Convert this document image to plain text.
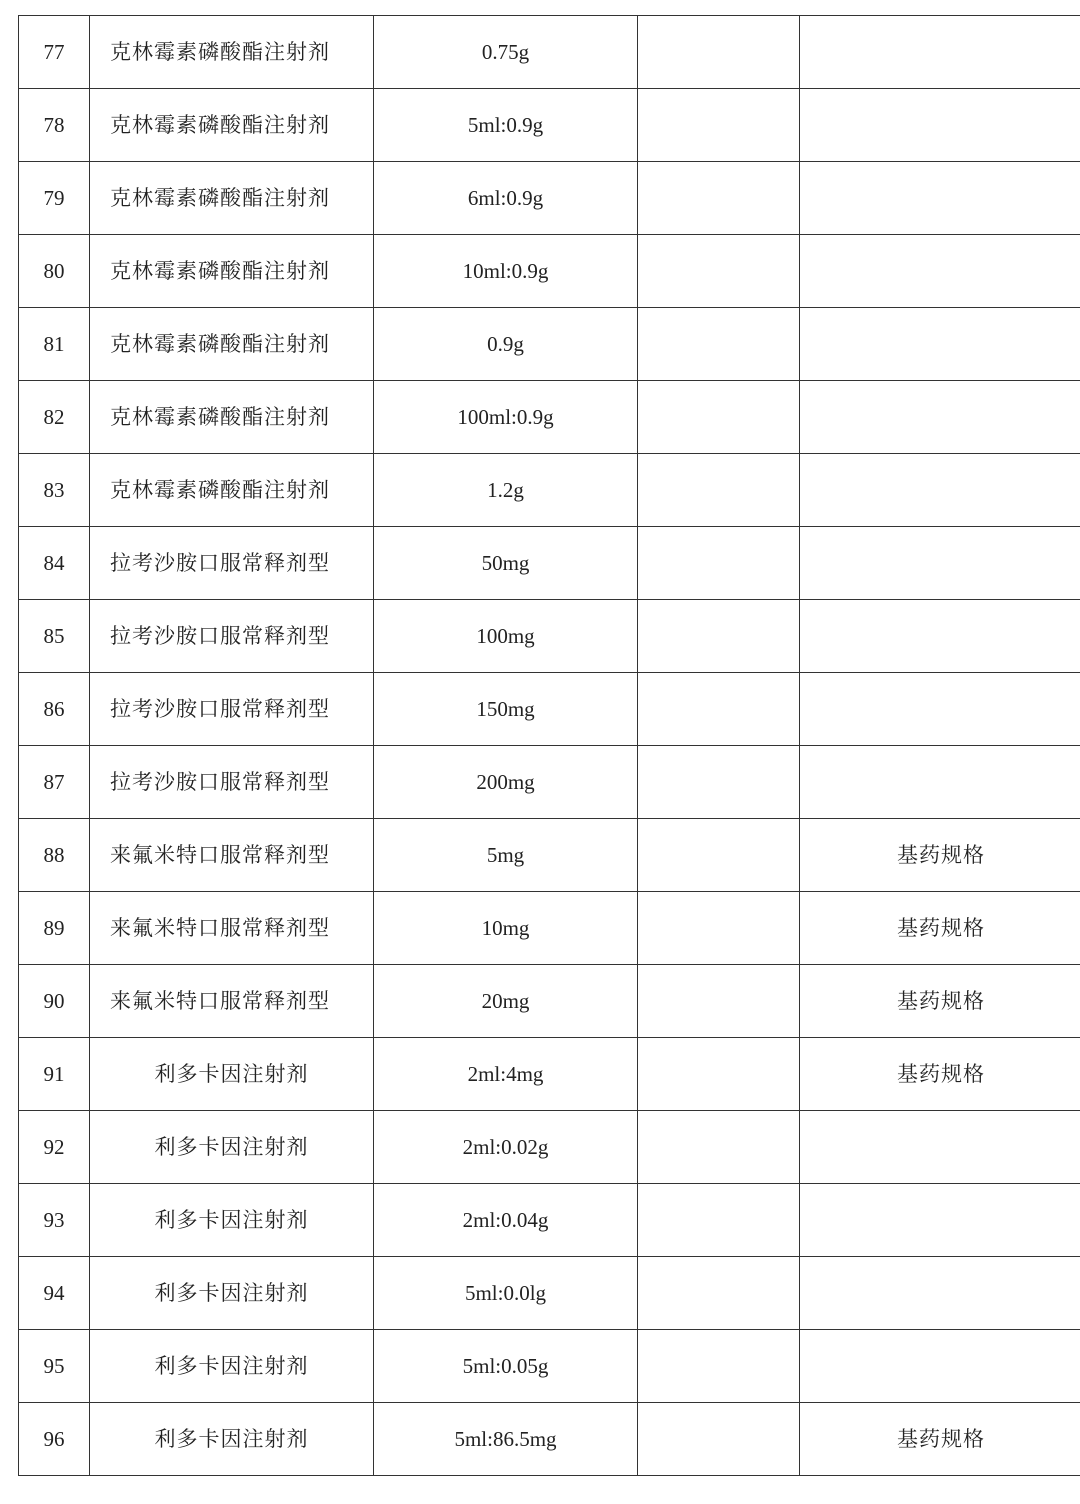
77	克林霉素磷酸酯注射剂	0.75g		
78	克林霉素磷酸酯注射剂	5ml:0.9g		
79	克林霉素磷酸酯注射剂	6ml:0.9g		
80	克林霉素磷酸酯注射剂	10ml:0.9g		
81	克林霉素磷酸酯注射剂	0.9g		
82	克林霉素磷酸酯注射剂	100ml:0.9g		
83	克林霉素磷酸酯注射剂	1.2g		
84	拉考沙胺口服常释剂型	50mg		
85	拉考沙胺口服常释剂型	100mg		
86	拉考沙胺口服常释剂型	150mg		
87	拉考沙胺口服常释剂型	200mg		
88	来氟米特口服常释剂型	5mg		基药规格
89	来氟米特口服常释剂型	10mg		基药规格
90	来氟米特口服常释剂型	20mg		基药规格
91	利多卡因注射剂	2ml:4mg		基药规格
92	利多卡因注射剂	2ml:0.02g		
93	利多卡因注射剂	2ml:0.04g		
94	利多卡因注射剂	5ml:0.0lg		
95	利多卡因注射剂	5ml:0.05g		
96	利多卡因注射剂	5ml:86.5mg		基药规格
